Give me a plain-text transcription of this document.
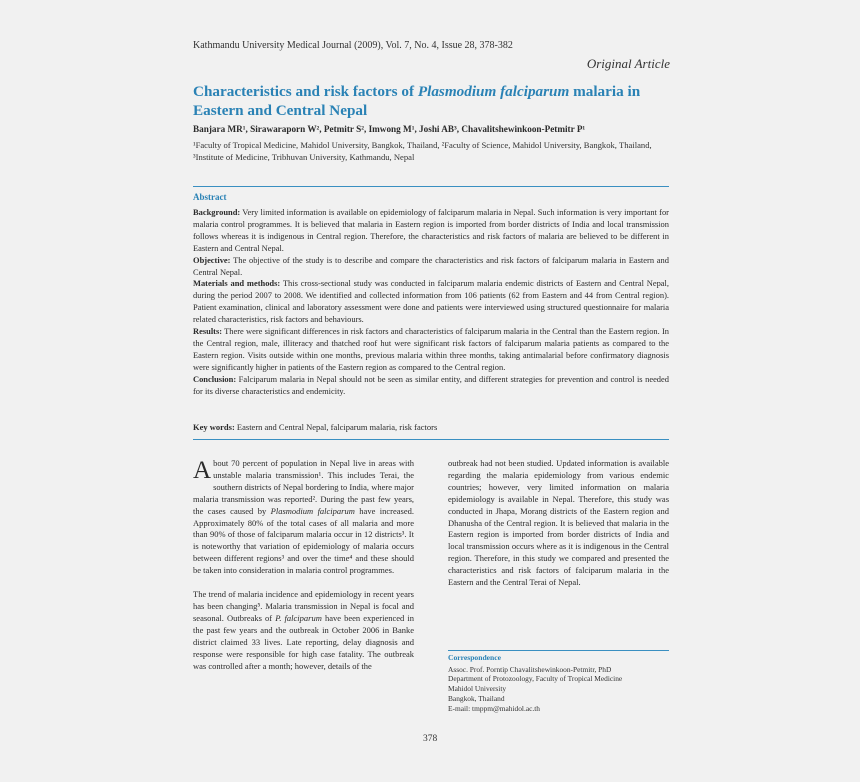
Kathmandu University Medical Journal (2009), Vol. 7, No. 4, Issue 28, 378-382
Original Article
Characteristics and risk factors of Plasmodium falciparum malaria in Eastern and Central Nepal
Banjara MR¹, Sirawaraporn W², Petmitr S², Imwong M¹, Joshi AB³, Chavalitshewinkoon-Petmitr P¹
¹Faculty of Tropical Medicine, Mahidol University, Bangkok, Thailand, ²Faculty of Science, Mahidol University, Bangkok, Thailand, ³Institute of Medicine, Tribhuvan University, Kathmandu, Nepal
Abstract

Background: Very limited information is available on epidemiology of falciparum malaria in Nepal. Such information is very important for malaria control programmes. It is believed that malaria in Eastern region is imported from border districts of India and local transmission follows whereas it is indigenous in Central region. Therefore, the characteristics and risk factors of malaria are believed to be different in Eastern and Central Nepal.

Objective: The objective of the study is to describe and compare the characteristics and risk factors of falciparum malaria in Eastern and Central Nepal.

Materials and methods: This cross-sectional study was conducted in falciparum malaria endemic districts of Eastern and Central Nepal, during the period 2007 to 2008. We identified and collected information from 106 patients (62 from Eastern and 44 from Central region). Patient examination, clinical and laboratory assessment were done and patients were interviewed using structured questionnaire for malaria related characteristics, risk factors and behaviours.

Results: There were significant differences in risk factors and characteristics of falciparum malaria in the Central than the Eastern region. In the Central region, male, illiteracy and thatched roof hut were significant risk factors of falciparum malaria patients as compared to the Eastern region. Visits outside within one months, previous malaria within three months, taking antimalarial before confirmatory diagnosis were significantly higher in patients of the Eastern region as compared to the Central region.

Conclusion: Falciparum malaria in Nepal should not be seen as similar entity, and different strategies for prevention and control is needed for its diverse characteristics and endemicity.

Key words: Eastern and Central Nepal, falciparum malaria, risk factors

About 70 percent of population in Nepal live in areas with unstable malaria transmission¹. This includes Terai, the southern districts of Nepal bordering to India, where major malaria transmission was reported². During the past few years, the cases caused by Plasmodium falciparum have increased. Approximately 80% of the total cases of all malaria and more than 90% of those of falciparum malaria occur in 12 districts³. It is noteworthy that variation of epidemiology of malaria occurs between different regions³ and over the time⁴ and these should be taken into consideration in malaria control programmes.

The trend of malaria incidence and epidemiology in recent years has been changing⁵. Malaria transmission in Nepal is focal and seasonal. Outbreaks of P. falciparum have been experienced in the past few years and the outbreak in October 2006 in Banke district claimed 33 lives. Late reporting, delay diagnosis and response were responsible for high case fatality. The outbreak was controlled after a month; however, details of the

outbreak had not been studied. Updated information is available regarding the malaria epidemiology from various endemic countries; however, very limited information on malaria epidemiology is available in Nepal. Therefore, this study was conducted in Jhapa, Morang districts of the Eastern region and Dhanusha of the Central region. It is believed that malaria in the Eastern region is imported from border districts of India and local transmission occurs where as it is indigenous in the Central region. Therefore, in this study we compared and presented the characteristics and risk factors of falciparum malaria in the Eastern and the Central Terai of Nepal.

Correspondence
Assoc. Prof. Porntip Chavalitshewinkoon-Petmitr, PhD
Department of Protozoology, Faculty of Tropical Medicine
Mahidol University
Bangkok, Thailand
E-mail: tmppm@mahidol.ac.th
378
